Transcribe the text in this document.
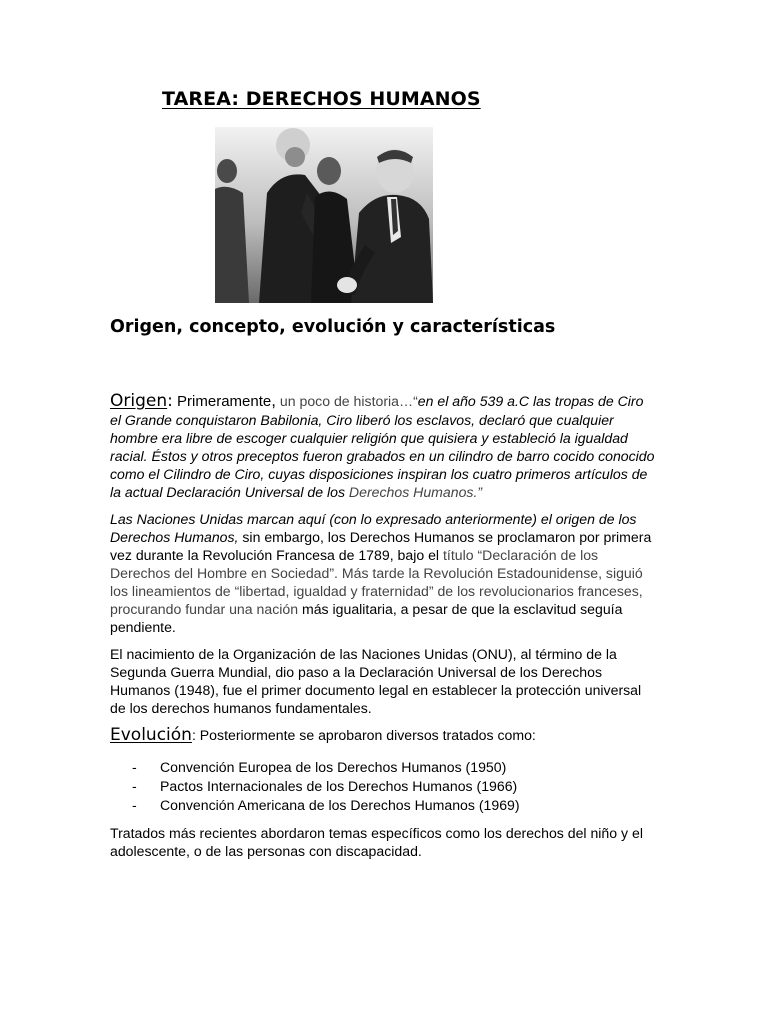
TAREA: DERECHOS HUMANOS
Origen, concepto, evolución y características

Origen: Primeramente, un poco de historia…“en el año 539 a.C las tropas de Ciro el Grande conquistaron Babilonia, Ciro liberó los esclavos, declaró que cualquier hombre era libre de escoger cualquier religión que quisiera y estableció la igualdad racial. Éstos y otros preceptos fueron grabados en un cilindro de barro cocido conocido como el Cilindro de Ciro, cuyas disposiciones inspiran los cuatro primeros artículos de la actual Declaración Universal de los Derechos Humanos.”

Las Naciones Unidas marcan aquí (con lo expresado anteriormente) el origen de los Derechos Humanos, sin embargo, los Derechos Humanos se proclamaron por primera vez durante la Revolución Francesa de 1789, bajo el título “Declaración de los Derechos del Hombre en Sociedad”. Más tarde la Revolución Estadounidense, siguió los lineamientos de “libertad, igualdad y fraternidad” de los revolucionarios franceses, procurando fundar una nación más igualitaria, a pesar de que la esclavitud seguía pendiente.

El nacimiento de la Organización de las Naciones Unidas (ONU), al término de la Segunda Guerra Mundial, dio paso a la Declaración Universal de los Derechos Humanos (1948), fue el primer documento legal en establecer la protección universal de los derechos humanos fundamentales.

Evolución: Posteriormente se aprobaron diversos tratados como:

- Convención Europea de los Derechos Humanos (1950)
- Pactos Internacionales de los Derechos Humanos (1966)
- Convención Americana de los Derechos Humanos (1969)

Tratados más recientes abordaron temas específicos como los derechos del niño y el adolescente, o de las personas con discapacidad.
